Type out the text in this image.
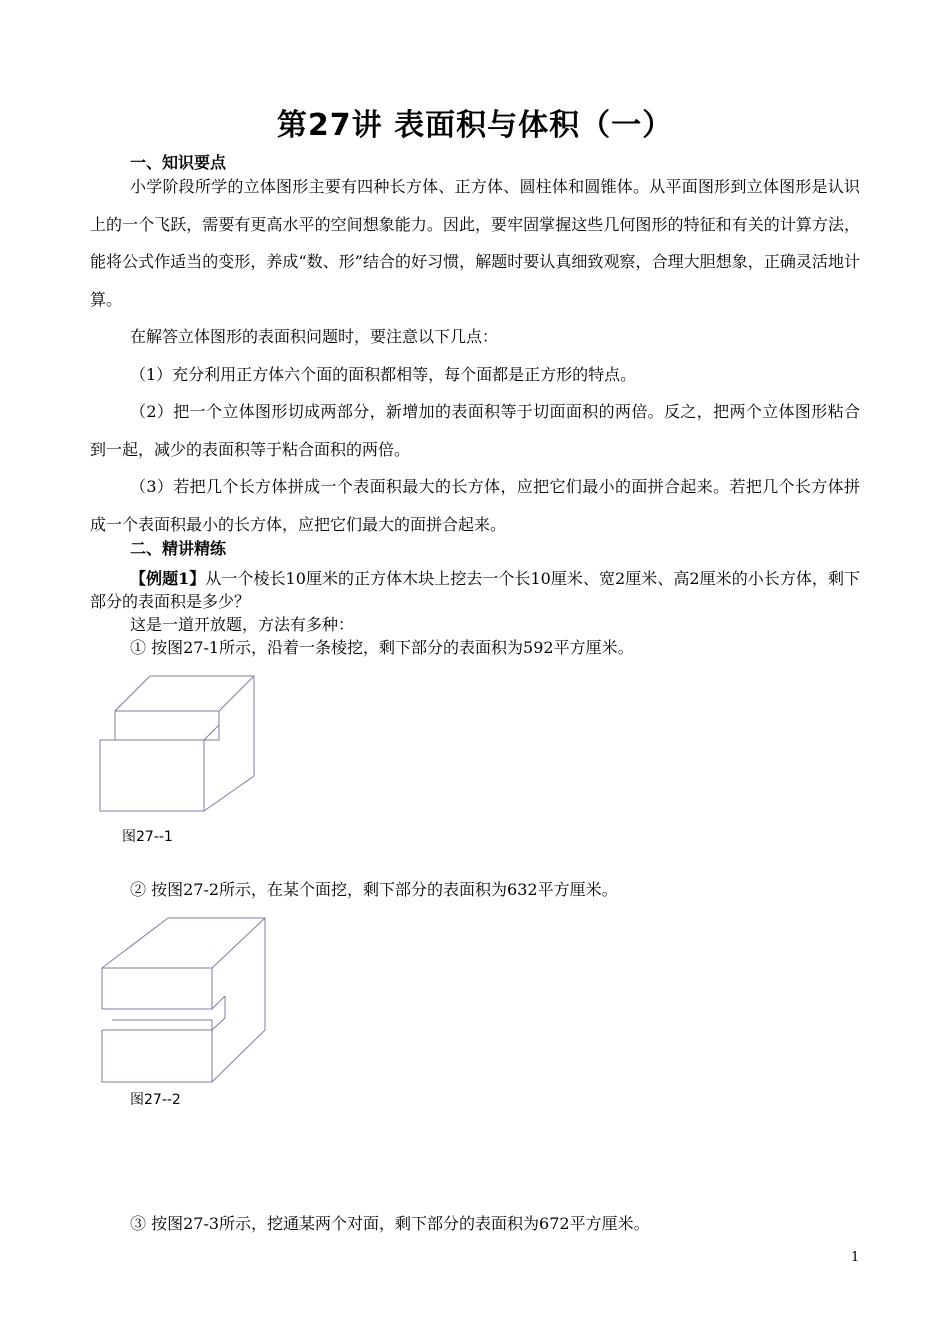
第27讲 表面积与体积（一）
一、知识要点

小学阶段所学的立体图形主要有四种长方体、正方体、圆柱体和圆锥体。从平面图形到立体图形是认识上的一个飞跃，需要有更高水平的空间想象能力。因此，要牢固掌握这些几何图形的特征和有关的计算方法，能将公式作适当的变形，养成“数、形”结合的好习惯，解题时要认真细致观察，合理大胆想象，正确灵活地计算。

在解答立体图形的表面积问题时，要注意以下几点：

（1）充分利用正方体六个面的面积都相等，每个面都是正方形的特点。

（2）把一个立体图形切成两部分，新增加的表面积等于切面面积的两倍。反之，把两个立体图形粘合到一起，减少的表面积等于粘合面积的两倍。

（3）若把几个长方体拼成一个表面积最大的长方体，应把它们最小的面拼合起来。若把几个长方体拼成一个表面积最小的长方体，应把它们最大的面拼合起来。

二、精讲精练

【例题1】从一个棱长10厘米的正方体木块上挖去一个长10厘米、宽2厘米、高2厘米的小长方体，剩下部分的表面积是多少？

这是一道开放题，方法有多种：

① 按图27-1所示，沿着一条棱挖，剩下部分的表面积为592平方厘米。

图27--1

② 按图27-2所示，在某个面挖，剩下部分的表面积为632平方厘米。

图27--2

③ 按图27-3所示，挖通某两个对面，剩下部分的表面积为672平方厘米。

1
